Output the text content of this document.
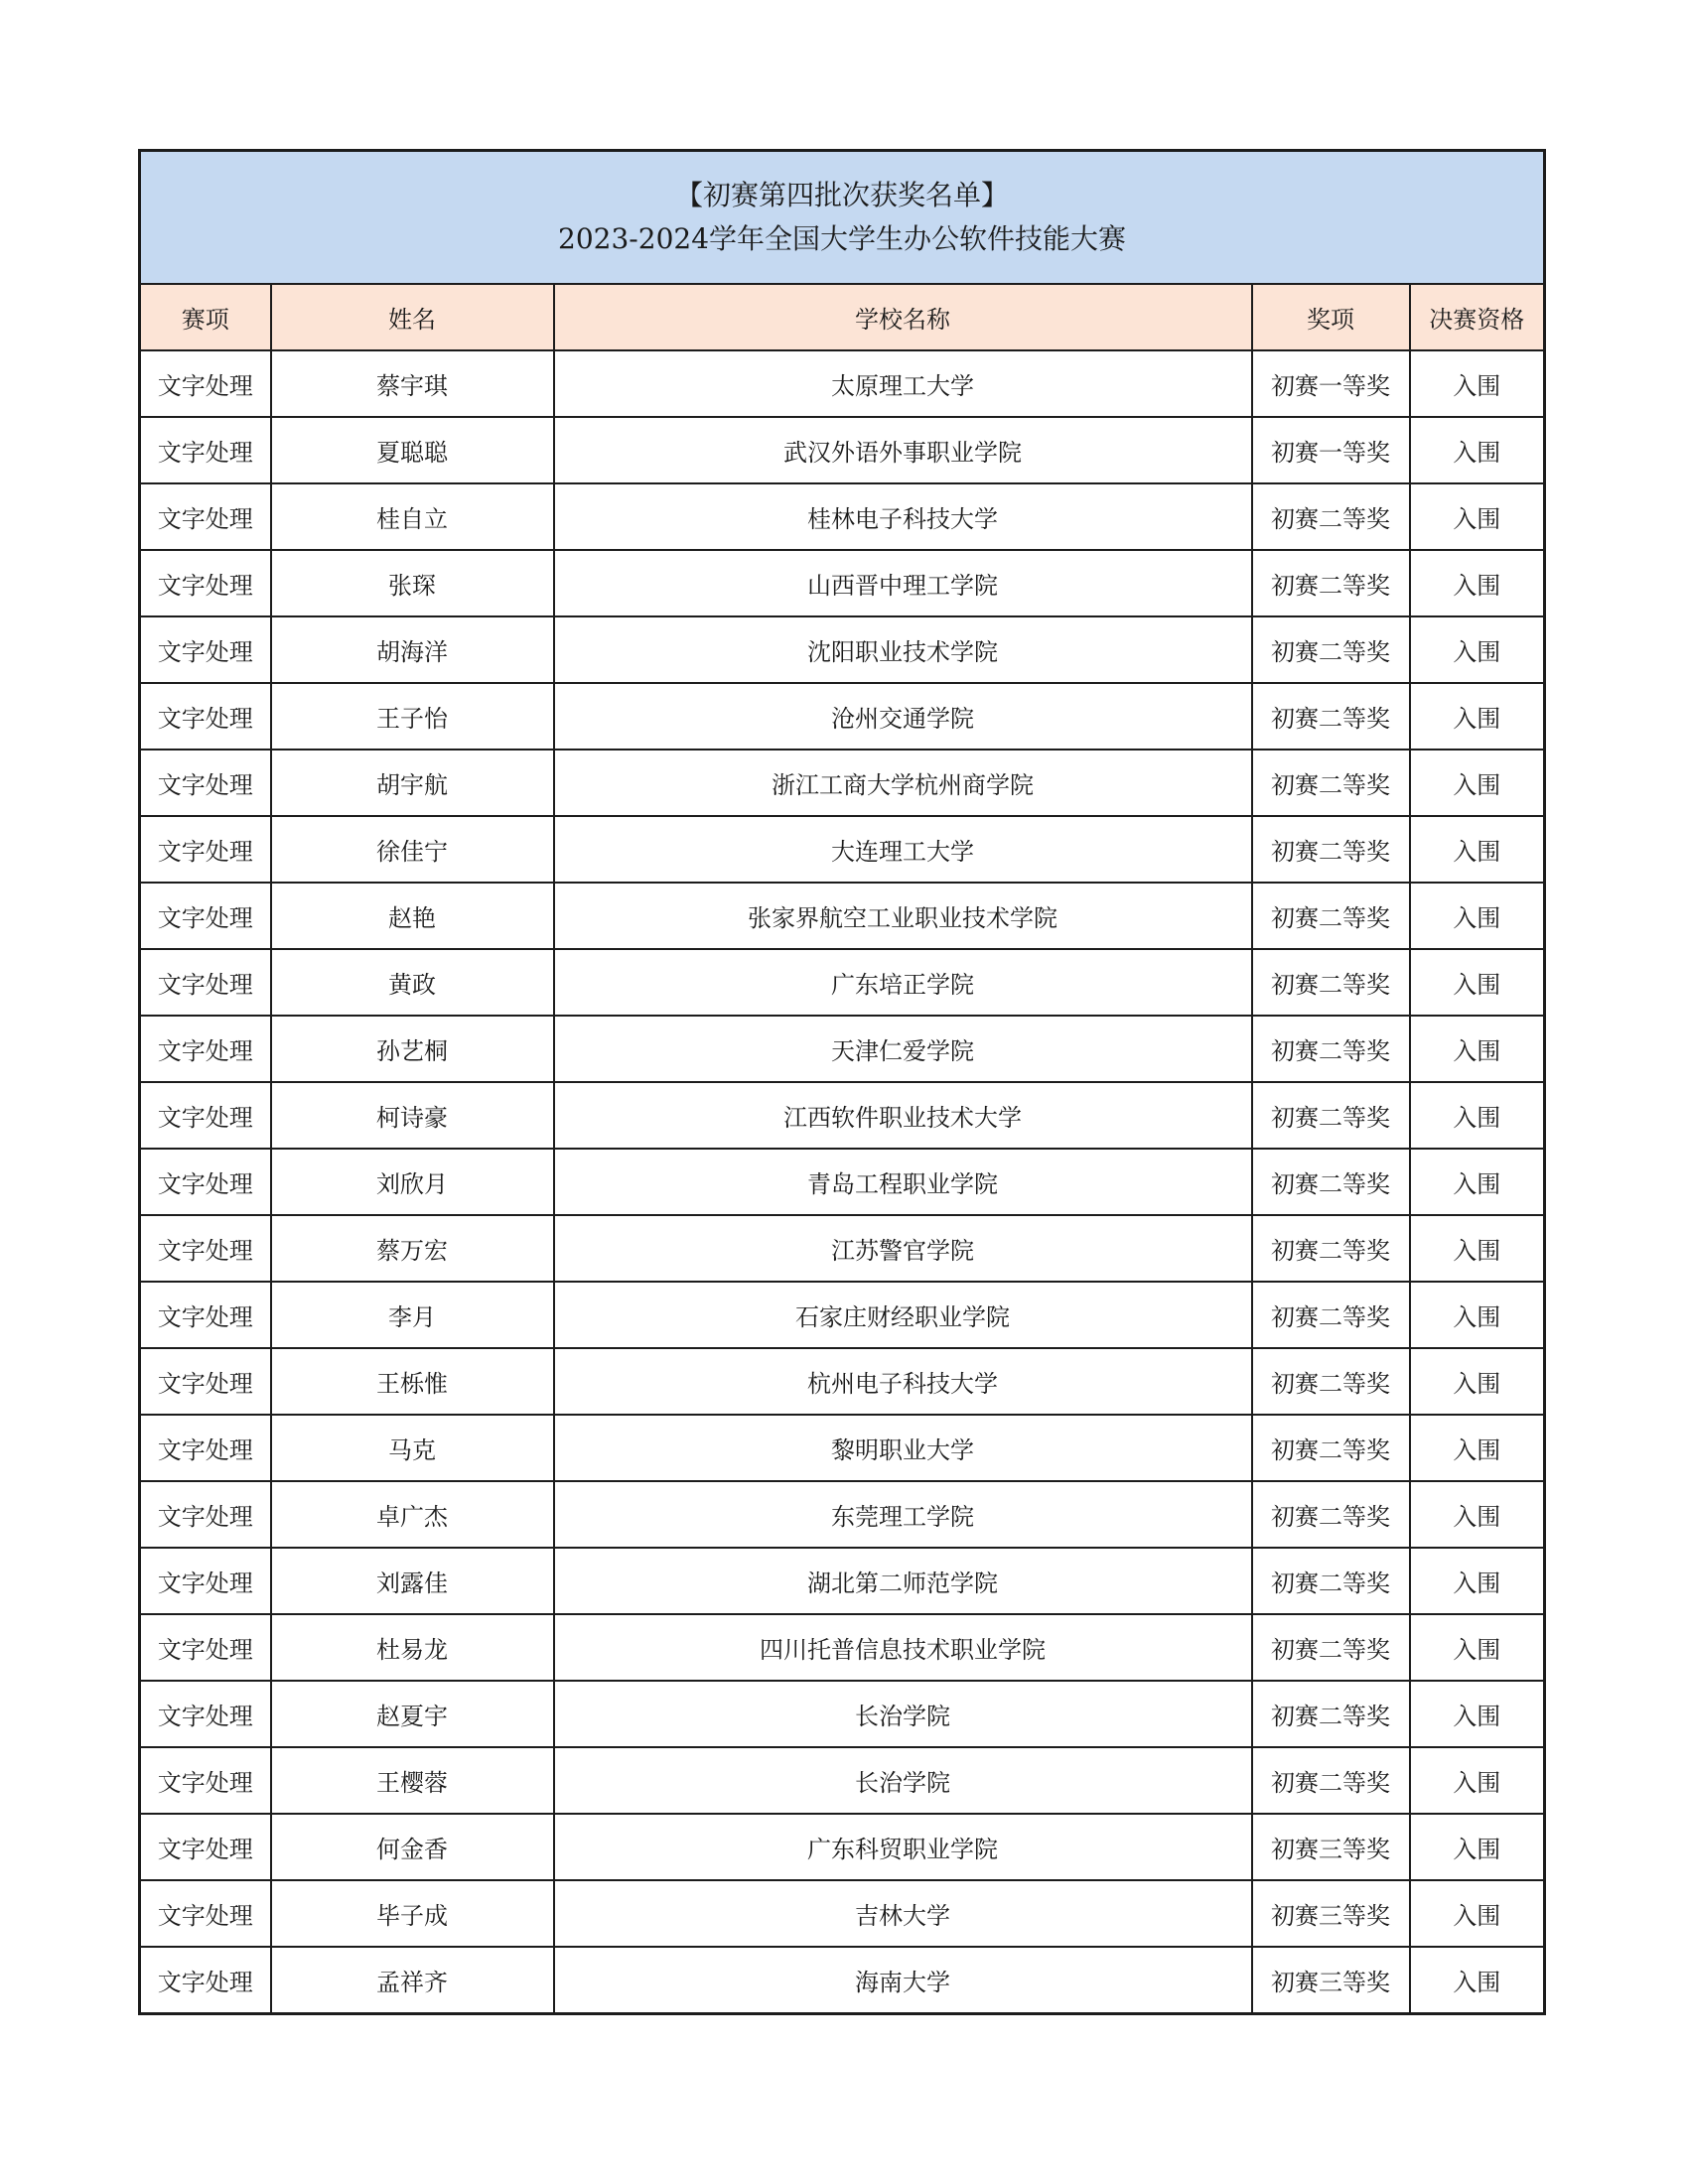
【初赛第四批次获奖名单】
2023-2024学年全国大学生办公软件技能大赛				

赛项	姓名	学校名称	奖项	决赛资格
文字处理	蔡宇琪	太原理工大学	初赛一等奖	入围
文字处理	夏聪聪	武汉外语外事职业学院	初赛一等奖	入围
文字处理	桂自立	桂林电子科技大学	初赛二等奖	入围
文字处理	张琛	山西晋中理工学院	初赛二等奖	入围
文字处理	胡海洋	沈阳职业技术学院	初赛二等奖	入围
文字处理	王子怡	沧州交通学院	初赛二等奖	入围
文字处理	胡宇航	浙江工商大学杭州商学院	初赛二等奖	入围
文字处理	徐佳宁	大连理工大学	初赛二等奖	入围
文字处理	赵艳	张家界航空工业职业技术学院	初赛二等奖	入围
文字处理	黄政	广东培正学院	初赛二等奖	入围
文字处理	孙艺桐	天津仁爱学院	初赛二等奖	入围
文字处理	柯诗豪	江西软件职业技术大学	初赛二等奖	入围
文字处理	刘欣月	青岛工程职业学院	初赛二等奖	入围
文字处理	蔡万宏	江苏警官学院	初赛二等奖	入围
文字处理	李月	石家庄财经职业学院	初赛二等奖	入围
文字处理	王栎惟	杭州电子科技大学	初赛二等奖	入围
文字处理	马克	黎明职业大学	初赛二等奖	入围
文字处理	卓广杰	东莞理工学院	初赛二等奖	入围
文字处理	刘露佳	湖北第二师范学院	初赛二等奖	入围
文字处理	杜易龙	四川托普信息技术职业学院	初赛二等奖	入围
文字处理	赵夏宇	长治学院	初赛二等奖	入围
文字处理	王樱蓉	长治学院	初赛二等奖	入围
文字处理	何金香	广东科贸职业学院	初赛三等奖	入围
文字处理	毕子成	吉林大学	初赛三等奖	入围
文字处理	孟祥齐	海南大学	初赛三等奖	入围
